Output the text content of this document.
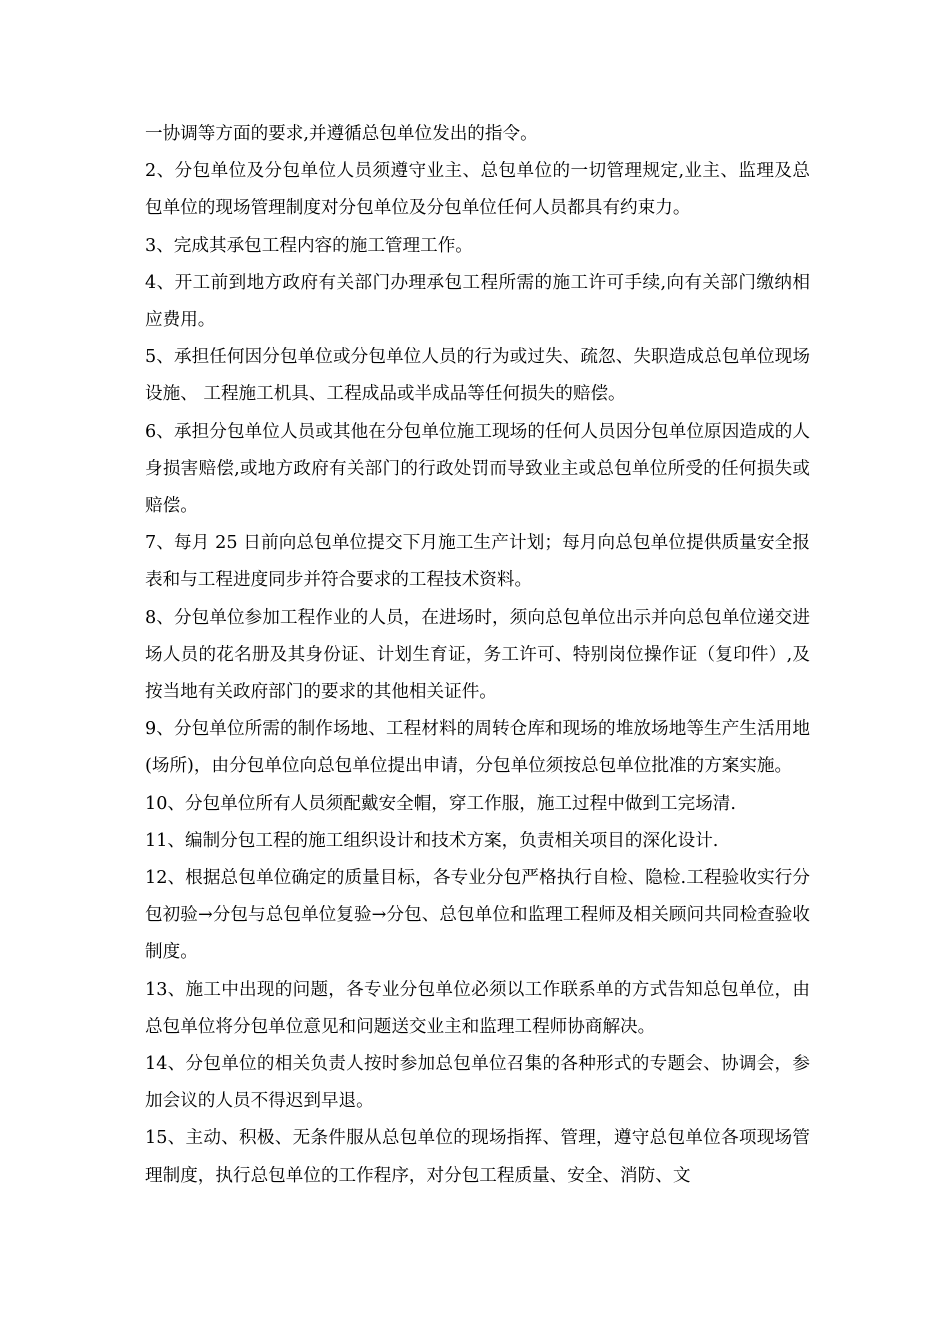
一协调等方面的要求,并遵循总包单位发出的指令。

2、分包单位及分包单位人员须遵守业主、总包单位的一切管理规定,业主、监理及总包单位的现场管理制度对分包单位及分包单位任何人员都具有约束力。

3、完成其承包工程内容的施工管理工作。

4、开工前到地方政府有关部门办理承包工程所需的施工许可手续,向有关部门缴纳相应费用。

5、承担任何因分包单位或分包单位人员的行为或过失、疏忽、失职造成总包单位现场设施、 工程施工机具、工程成品或半成品等任何损失的赔偿。

6、承担分包单位人员或其他在分包单位施工现场的任何人员因分包单位原因造成的人身损害赔偿,或地方政府有关部门的行政处罚而导致业主或总包单位所受的任何损失或赔偿。

7、每月 25 日前向总包单位提交下月施工生产计划；每月向总包单位提供质量安全报表和与工程进度同步并符合要求的工程技术资料。

8、分包单位参加工程作业的人员，在进场时，须向总包单位出示并向总包单位递交进场人员的花名册及其身份证、计划生育证，务工许可、特别岗位操作证（复印件）,及按当地有关政府部门的要求的其他相关证件。

9、分包单位所需的制作场地、工程材料的周转仓库和现场的堆放场地等生产生活用地(场所)，由分包单位向总包单位提出申请，分包单位须按总包单位批准的方案实施。

10、分包单位所有人员须配戴安全帽，穿工作服，施工过程中做到工完场清.

11、编制分包工程的施工组织设计和技术方案，负责相关项目的深化设计.

12、根据总包单位确定的质量目标，各专业分包严格执行自检、隐检.工程验收实行分包初验→分包与总包单位复验→分包、总包单位和监理工程师及相关顾问共同检查验收制度。

13、施工中出现的问题，各专业分包单位必须以工作联系单的方式告知总包单位，由总包单位将分包单位意见和问题送交业主和监理工程师协商解决。

14、分包单位的相关负责人按时参加总包单位召集的各种形式的专题会、协调会，参加会议的人员不得迟到早退。

15、主动、积极、无条件服从总包单位的现场指挥、管理，遵守总包单位各项现场管理制度，执行总包单位的工作程序，对分包工程质量、安全、消防、文
